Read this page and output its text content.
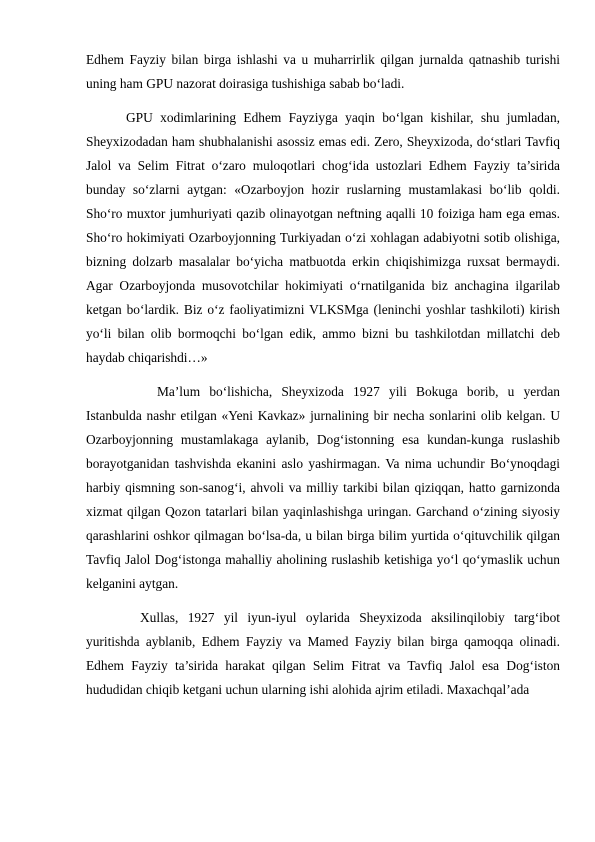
Edhem Fayziy bilan birga ishlashi va u muharrirlik qilgan jurnalda qatnashib turishi uning ham GPU nazorat doirasiga tushishiga sabab bo‘ladi.

GPU xodimlarining Edhem Fayziyga yaqin bo‘lgan kishilar, shu jumladan, Sheyxizodadan ham shubhalanishi asossiz emas edi. Zero, Sheyxizoda, do‘stlari Tavfiq Jalol va Selim Fitrat o‘zaro muloqotlari chog‘ida ustozlari Edhem Fayziy ta’sirida bunday so‘zlarni aytgan: «Ozarboyjon hozir ruslarning mustamlakasi bo‘lib qoldi. Sho‘ro muxtor jumhuriyati qazib olinayotgan neftning aqalli 10 foiziga ham ega emas. Sho‘ro hokimiyati Ozarboyjonning Turkiyadan o‘zi xohlagan adabiyotni sotib olishiga, bizning dolzarb masalalar bo‘yicha matbuotda erkin chiqishimizga ruxsat bermaydi. Agar Ozarboyjonda musovotchilar hokimiyati o‘rnatilganida biz anchagina ilgarilab ketgan bo‘lardik. Biz o‘z faoliyatimizni VLKSMga (leninchi yoshlar tashkiloti) kirish yo‘li bilan olib bormoqchi bo‘lgan edik, ammo bizni bu tashkilotdan millatchi deb haydab chiqarishdi…»

Ma’lum bo‘lishicha, Sheyxizoda 1927 yili Bokuga borib, u yerdan Istanbulda nashr etilgan «Yeni Kavkaz» jurnalining bir necha sonlarini olib kelgan. U Ozarboyjonning mustamlakaga aylanib, Dog‘istonning esa kundan-kunga ruslashib borayotganidan tashvishda ekanini aslo yashirmagan. Va nima uchundir Bo‘ynoqdagi harbiy qismning son-sanog‘i, ahvoli va milliy tarkibi bilan qiziqqan, hatto garnizonda xizmat qilgan Qozon tatarlari bilan yaqinlashishga uringan. Garchand o‘zining siyosiy qarashlarini oshkor qilmagan bo‘lsa-da, u bilan birga bilim yurtida o‘qituvchilik qilgan Tavfiq Jalol Dog‘istonga mahalliy aholining ruslashib ketishiga yo‘l qo‘ymaslik uchun kelganini aytgan.

Xullas, 1927 yil iyun-iyul oylarida Sheyxizoda aksilinqilobiy targ‘ibot yuritishda ayblanib, Edhem Fayziy va Mamed Fayziy bilan birga qamoqqa olinadi. Edhem Fayziy ta’sirida harakat qilgan Selim Fitrat va Tavfiq Jalol esa Dog‘iston hududidan chiqib ketgani uchun ularning ishi alohida ajrim etiladi. Maxachqal’ada
